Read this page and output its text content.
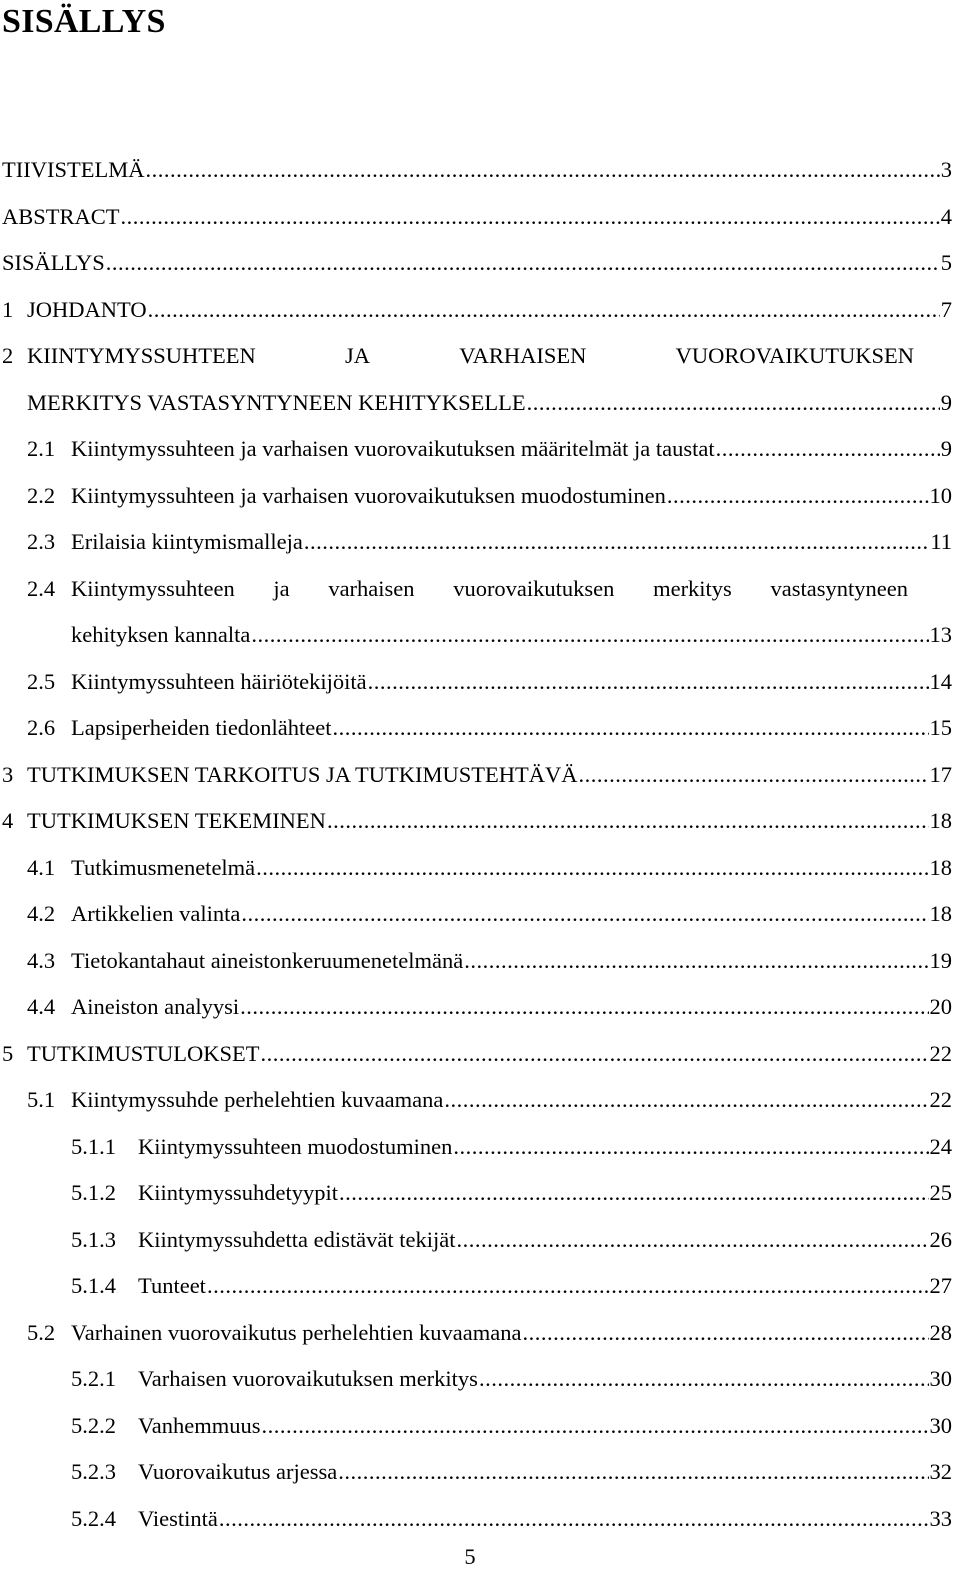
SISÄLLYS
TIIVISTELMÄ .....	3
ABSTRACT .....	4
SISÄLLYS .....	5
1 JOHDANTO .....	7
2 KIINTYMYSSUHTEEN	JA	VARHAISEN	VUOROVAIKUTUKSEN
MERKITYS VASTASYNTYNEEN KEHITYKSELLE .....	9
2.1 Kiintymyssuhteen ja varhaisen vuorovaikutuksen määritelmät ja taustat .....	9
2.2 Kiintymyssuhteen ja varhaisen vuorovaikutuksen muodostuminen .....	10
2.3 Erilaisia kiintymismalleja .....	11
2.4 Kiintymyssuhteen ja varhaisen vuorovaikutuksen merkitys vastasyntyneen
kehityksen kannalta .....	13
2.5 Kiintymyssuhteen häiriötekijöitä .....	14
2.6 Lapsiperheiden tiedonlähteet .....	15
3 TUTKIMUKSEN TARKOITUS JA TUTKIMUSTEHTÄVÄ .....	17
4 TUTKIMUKSEN TEKEMINEN .....	18
4.1 Tutkimusmenetelmä .....	18
4.2 Artikkelien valinta .....	18
4.3 Tietokantahaut aineistonkeruumenetelmänä .....	19
4.4 Aineiston analyysi .....	20
5 TUTKIMUSTULOKSET .....	22
5.1 Kiintymyssuhde perhelehtien kuvaamana .....	22
5.1.1 Kiintymyssuhteen muodostuminen .....	24
5.1.2 Kiintymyssuhdetyypit .....	25
5.1.3 Kiintymyssuhdetta edistävät tekijät .....	26
5.1.4 Tunteet .....	27
5.2 Varhainen vuorovaikutus perhelehtien kuvaamana .....	28
5.2.1 Varhaisen vuorovaikutuksen merkitys .....	30
5.2.2 Vanhemmuus .....	30
5.2.3 Vuorovaikutus arjessa .....	32
5.2.4 Viestintä .....	33
5
